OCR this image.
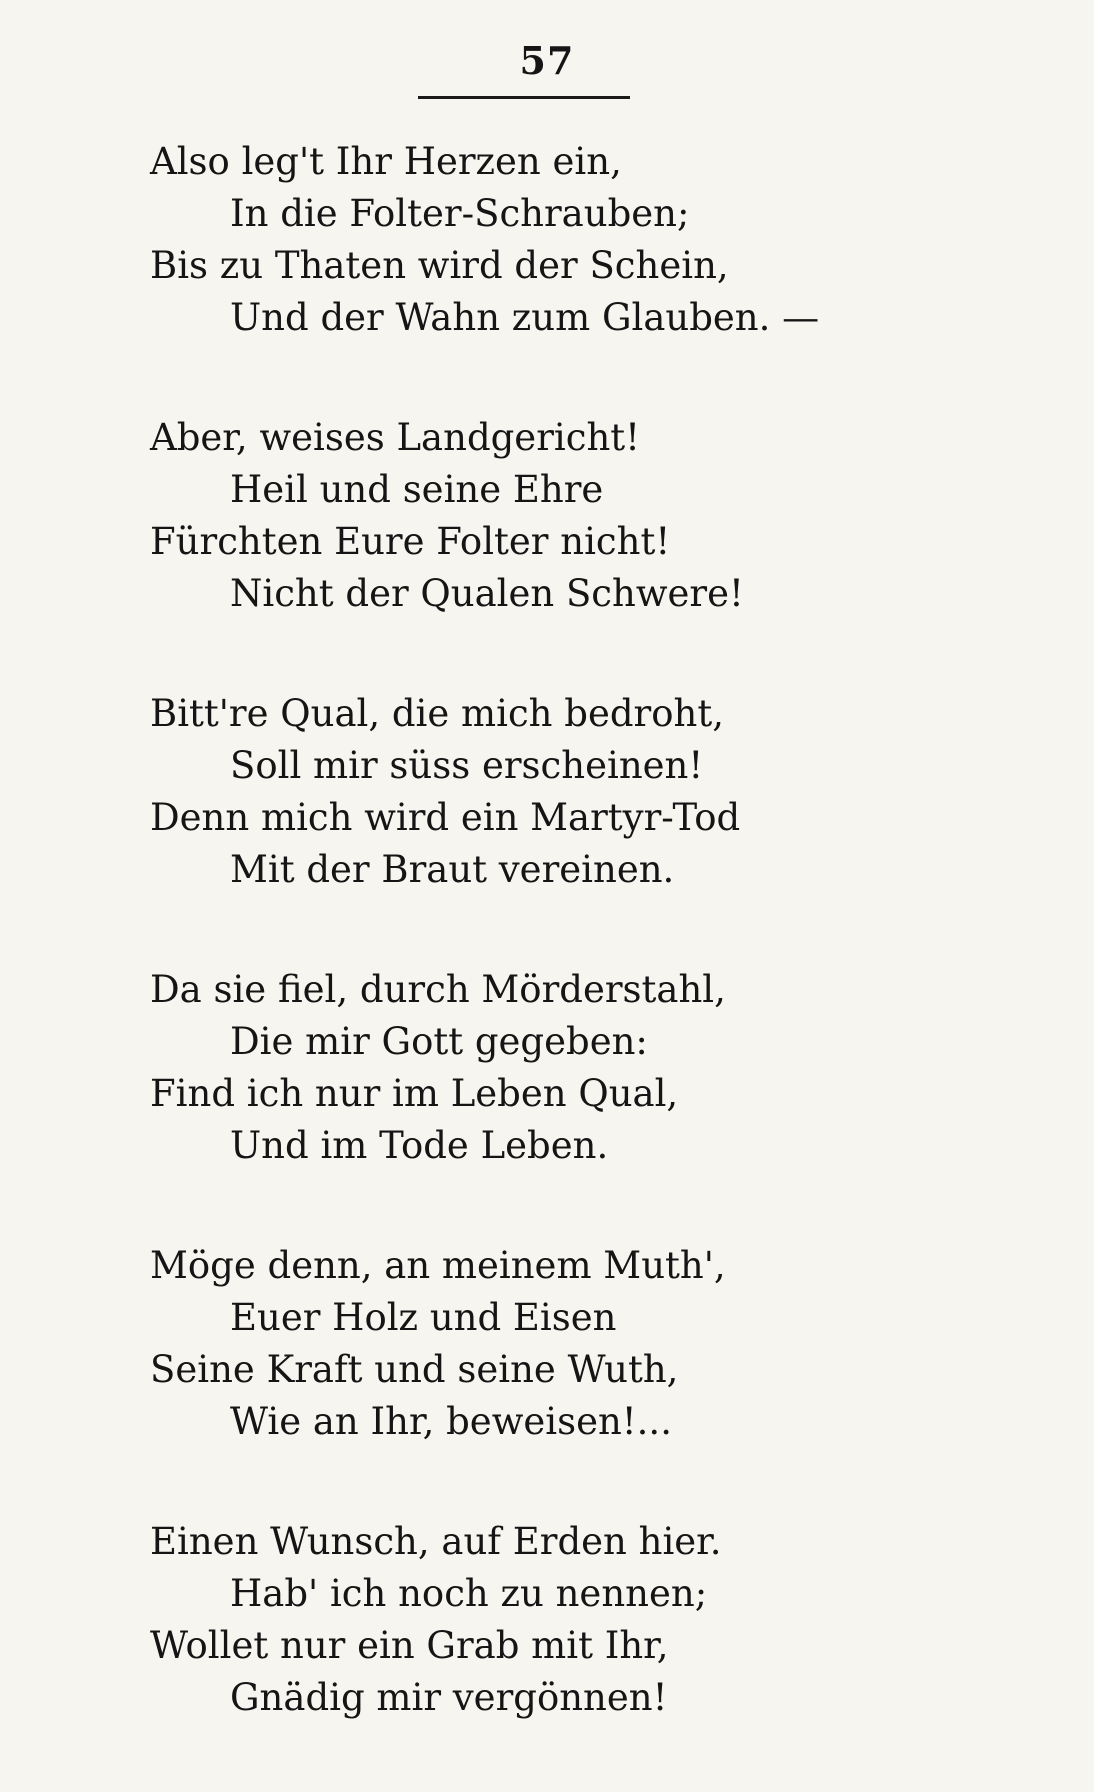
57
Also leg't Ihr Herzen ein,
In die Folter-Schrauben;
Bis zu Thaten wird der Schein,
Und der Wahn zum Glauben. —
Aber, weises Landgericht!
Heil und seine Ehre
Fürchten Eure Folter nicht!
Nicht der Qualen Schwere!
Bitt're Qual, die mich bedroht,
Soll mir süss erscheinen!
Denn mich wird ein Martyr-Tod
Mit der Braut vereinen.
Da sie fiel, durch Mörderstahl,
Die mir Gott gegeben:
Find ich nur im Leben Qual,
Und im Tode Leben.
Möge denn, an meinem Muth',
Euer Holz und Eisen
Seine Kraft und seine Wuth,
Wie an Ihr, beweisen!...
Einen Wunsch, auf Erden hier.
Hab' ich noch zu nennen;
Wollet nur ein Grab mit Ihr,
Gnädig mir vergönnen!
